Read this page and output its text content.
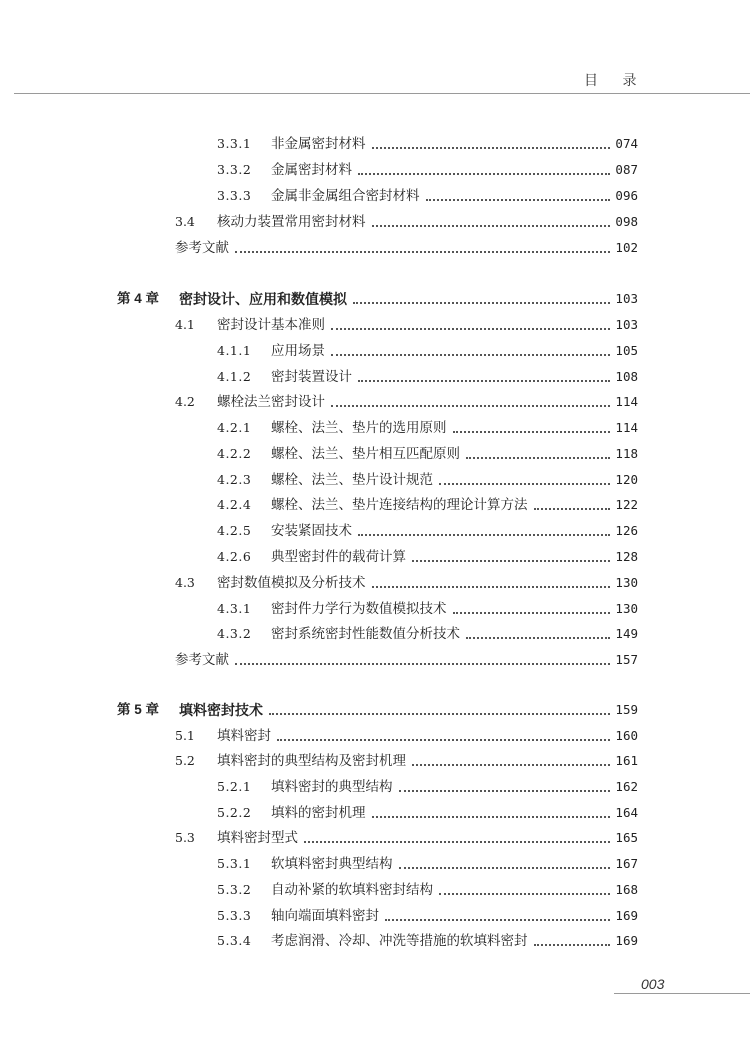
目 录
3.3.1	非金属密封材料	074
3.3.2	金属密封材料	087
3.3.3	金属非金属组合密封材料	096
3.4	核动力装置常用密封材料	098
参考文献	102
第 4 章	密封设计、应用和数值模拟	103
4.1	密封设计基本准则	103
4.1.1	应用场景	105
4.1.2	密封装置设计	108
4.2	螺栓法兰密封设计	114
4.2.1	螺栓、法兰、垫片的选用原则	114
4.2.2	螺栓、法兰、垫片相互匹配原则	118
4.2.3	螺栓、法兰、垫片设计规范	120
4.2.4	螺栓、法兰、垫片连接结构的理论计算方法	122
4.2.5	安装紧固技术	126
4.2.6	典型密封件的载荷计算	128
4.3	密封数值模拟及分析技术	130
4.3.1	密封件力学行为数值模拟技术	130
4.3.2	密封系统密封性能数值分析技术	149
参考文献	157
第 5 章	填料密封技术	159
5.1	填料密封	160
5.2	填料密封的典型结构及密封机理	161
5.2.1	填料密封的典型结构	162
5.2.2	填料的密封机理	164
5.3	填料密封型式	165
5.3.1	软填料密封典型结构	167
5.3.2	自动补紧的软填料密封结构	168
5.3.3	轴向端面填料密封	169
5.3.4	考虑润滑、冷却、冲洗等措施的软填料密封	169
003
